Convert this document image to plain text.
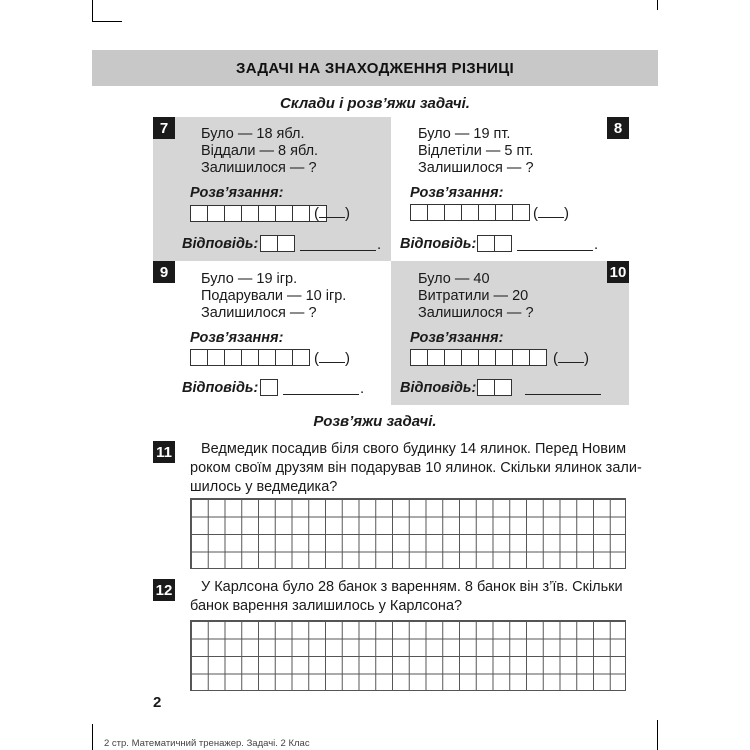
ЗАДАЧІ НА ЗНАХОДЖЕННЯ РІЗНИЦІ
Склади і розв’яжи задачі.
7	Було — 18 ябл.
Віддали — 8 ябл.
Залишилося — ?
Розв’язання:
( )
Відповідь:	.
8
Було — 19 пт.
Відлетіли — 5 пт.
Залишилося — ?
Розв’язання:
( )
Відповідь:	.
9	Було — 19 ігр.
Подарували — 10 ігр.
Залишилося — ?
Розв’язання:
( )
Відповідь:	.
10
Було — 40
Витратили — 20
Залишилося — ?
Розв’язання:
( )
Відповідь:
Розв’яжи задачі.
11	Ведмедик посадив біля свого будинку 14 ялинок. Перед Новим
роком своїм друзям він подарував 10 ялинок. Скільки ялинок зали-
шилось у ведмедика?
12	У Карлсона було 28 банок з варенням. 8 банок він з’їв. Скільки
банок варення залишилось у Карлсона?
2
2 стр. Математичний тренажер. Задачі. 2 Клас
